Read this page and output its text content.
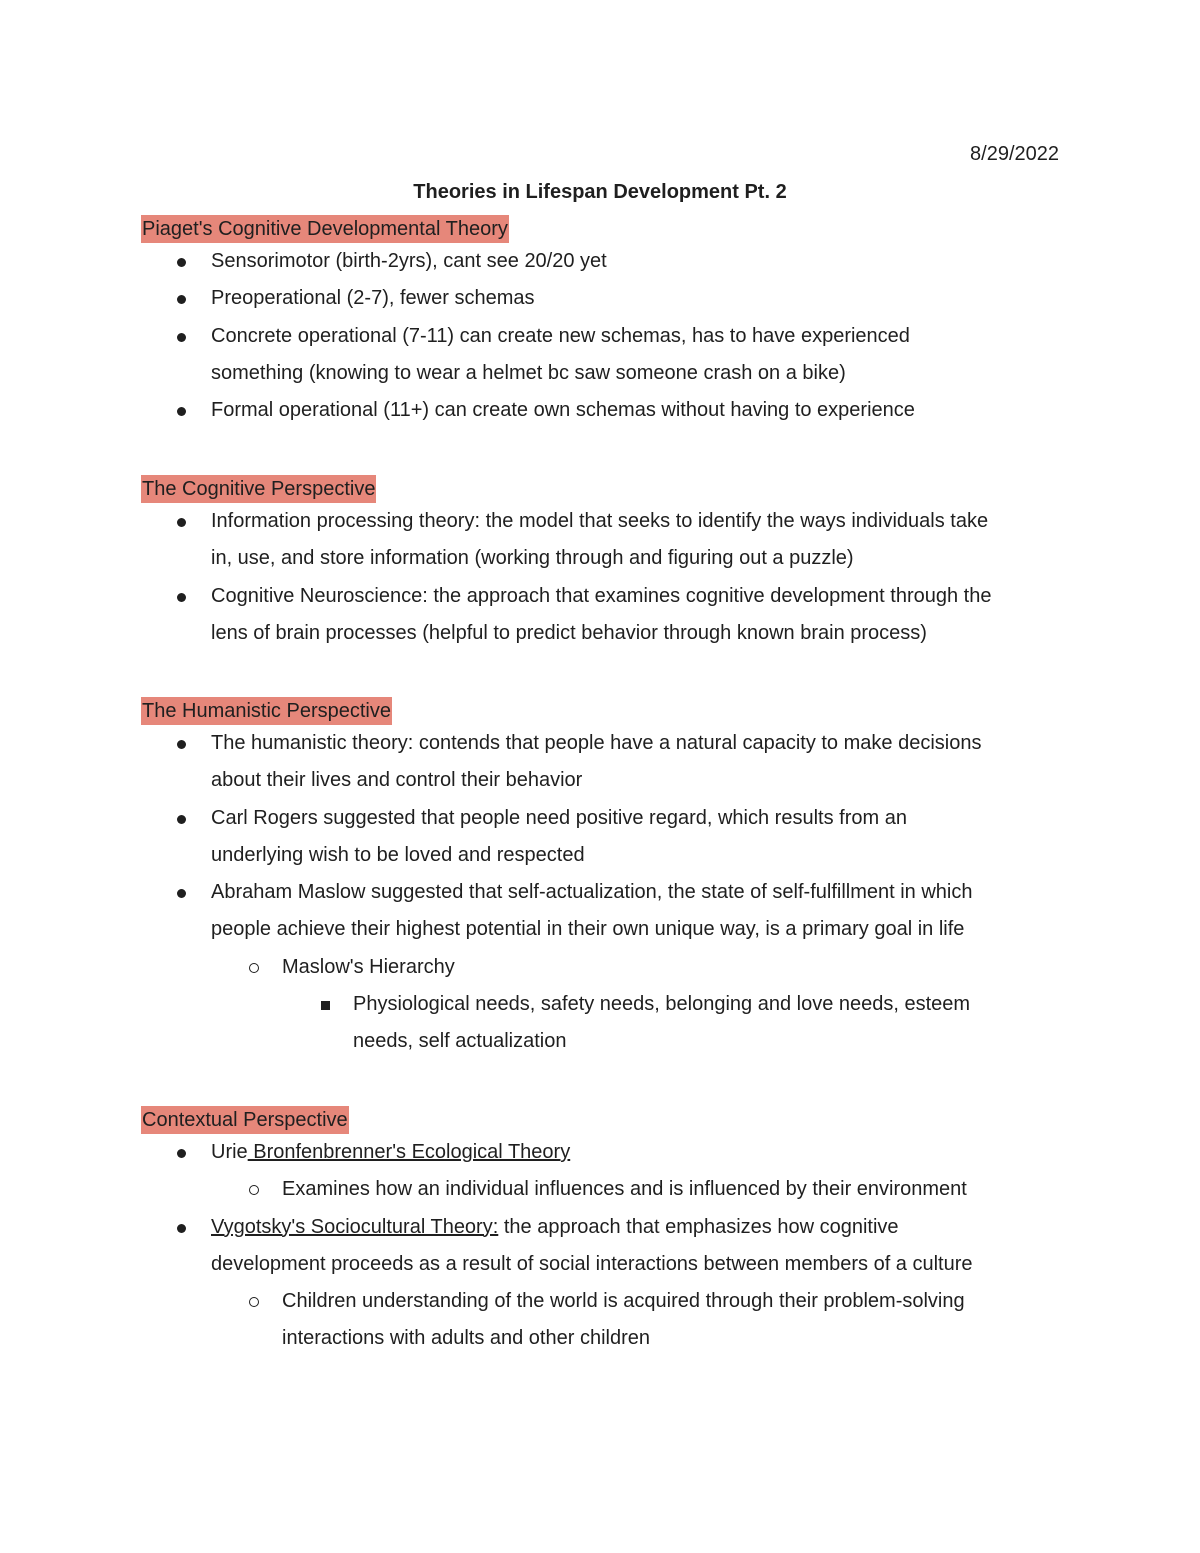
8/29/2022
Theories in Lifespan Development Pt. 2
Piaget's Cognitive Developmental Theory
Sensorimotor (birth-2yrs), cant see 20/20 yet
Preoperational (2-7), fewer schemas
Concrete operational (7-11) can create new schemas, has to have experienced
something (knowing to wear a helmet bc saw someone crash on a bike)
Formal operational (11+) can create own schemas without having to experience
The Cognitive Perspective
Information processing theory: the model that seeks to identify the ways individuals take
in, use, and store information (working through and figuring out a puzzle)
Cognitive Neuroscience: the approach that examines cognitive development through the
lens of brain processes (helpful to predict behavior through known brain process)
The Humanistic Perspective
The humanistic theory: contends that people have a natural capacity to make decisions
about their lives and control their behavior
Carl Rogers suggested that people need positive regard, which results from an
underlying wish to be loved and respected
Abraham Maslow suggested that self-actualization, the state of self-fulfillment in which
people achieve their highest potential in their own unique way, is a primary goal in life
Maslow's Hierarchy
Physiological needs, safety needs, belonging and love needs, esteem
needs, self actualization
Contextual Perspective
Urie Bronfenbrenner's Ecological Theory
Examines how an individual influences and is influenced by their environment
Vygotsky's Sociocultural Theory: the approach that emphasizes how cognitive
development proceeds as a result of social interactions between members of a culture
Children understanding of the world is acquired through their problem-solving
interactions with adults and other children
